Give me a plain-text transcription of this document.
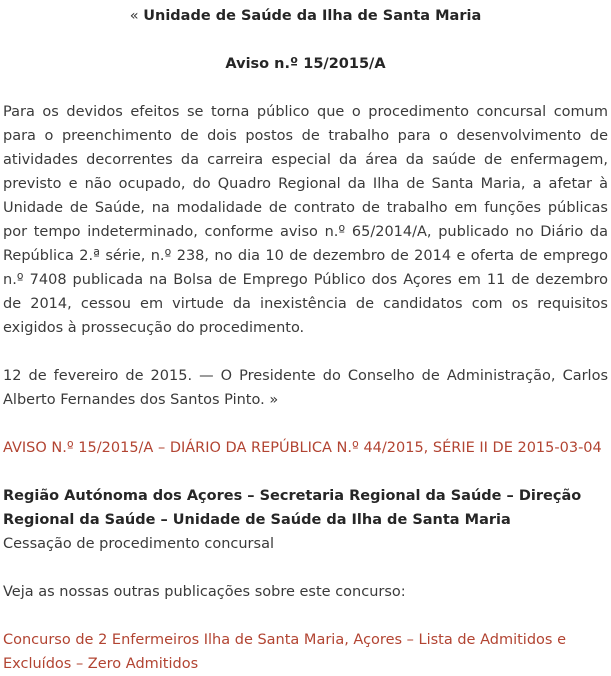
« Unidade de Saúde da Ilha de Santa Maria

Aviso n.º 15/2015/A

Para os devidos efeitos se torna público que o procedimento concursal comum para o preenchimento de dois postos de trabalho para o desenvolvimento de atividades decorrentes da carreira especial da área da saúde de enfermagem, previsto e não ocupado, do Quadro Regional da Ilha de Santa Maria, a afetar à Unidade de Saúde, na modalidade de contrato de trabalho em funções públicas por tempo indeterminado, conforme aviso n.º 65/2014/A, publicado no Diário da República 2.ª série, n.º 238, no dia 10 de dezembro de 2014 e oferta de emprego n.º 7408 publicada na Bolsa de Emprego Público dos Açores em 11 de dezembro de 2014, cessou em virtude da inexistência de candidatos com os requisitos exigidos à prossecução do procedimento.

12 de fevereiro de 2015. — O Presidente do Conselho de Administração, Carlos Alberto Fernandes dos Santos Pinto. »

AVISO N.º 15/2015/A – DIÁRIO DA REPÚBLICA N.º 44/2015, SÉRIE II DE 2015-03-04

Região Autónoma dos Açores – Secretaria Regional da Saúde – Direção Regional da Saúde – Unidade de Saúde da Ilha de Santa Maria

Cessação de procedimento concursal

Veja as nossas outras publicações sobre este concurso:

Concurso de 2 Enfermeiros Ilha de Santa Maria, Açores – Lista de Admitidos e Excluídos – Zero Admitidos
